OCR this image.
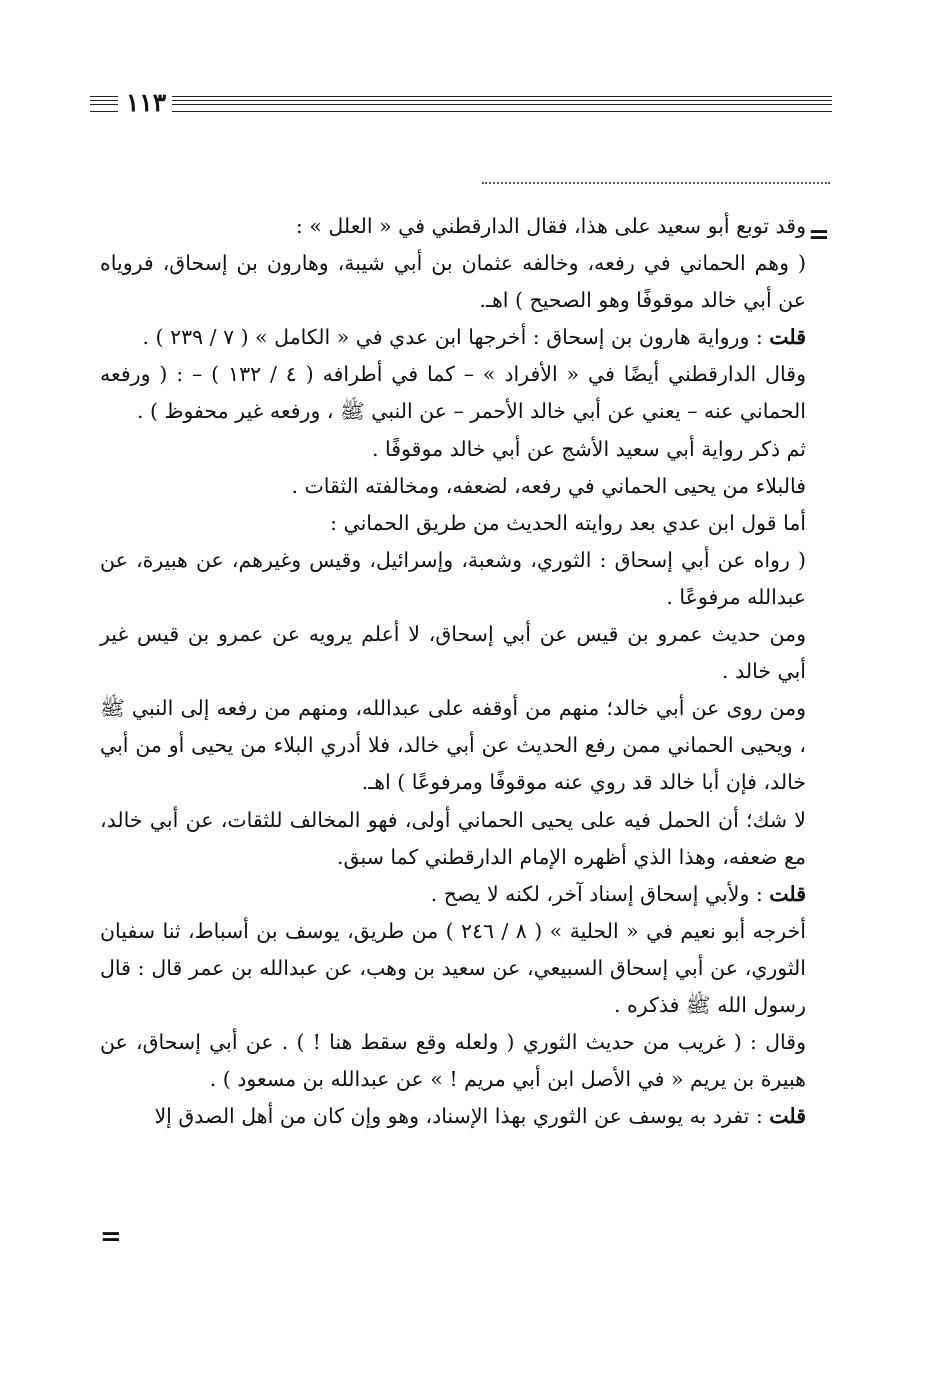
١١٣
=

وقد توبع أبو سعيد على هذا، فقال الدارقطني في « العلل » :

( وهم الحماني في رفعه، وخالفه عثمان بن أبي شيبة، وهارون بن إسحاق، فروياه عن أبي خالد موقوفًا وهو الصحيح ) اهـ.

قلت : ورواية هارون بن إسحاق : أخرجها ابن عدي في « الكامل » ( ٧ / ٢٣٩ ) .

وقال الدارقطني أيضًا في « الأفراد » – كما في أطرافه ( ٤ / ١٣٢ ) – : ( ورفعه الحماني عنه – يعني عن أبي خالد الأحمر – عن النبي ﷺ ، ورفعه غير محفوظ ) .

ثم ذكر رواية أبي سعيد الأشج عن أبي خالد موقوفًا .

فالبلاء من يحيى الحماني في رفعه، لضعفه، ومخالفته الثقات .

أما قول ابن عدي بعد روايته الحديث من طريق الحماني :

( رواه عن أبي إسحاق : الثوري، وشعبة، وإسرائيل، وقيس وغيرهم، عن هبيرة، عن عبدالله مرفوعًا .

ومن حديث عمرو بن قيس عن أبي إسحاق، لا أعلم يرويه عن عمرو بن قيس غير أبي خالد .

ومن روى عن أبي خالد؛ منهم من أوقفه على عبدالله، ومنهم من رفعه إلى النبي ﷺ ، ويحيى الحماني ممن رفع الحديث عن أبي خالد، فلا أدري البلاء من يحيى أو من أبي خالد، فإن أبا خالد قد روي عنه موقوفًا ومرفوعًا ) اهـ.

لا شك؛ أن الحمل فيه على يحيى الحماني أولى، فهو المخالف للثقات، عن أبي خالد، مع ضعفه، وهذا الذي أظهره الإمام الدارقطني كما سبق.

قلت : ولأبي إسحاق إسناد آخر، لكنه لا يصح .

أخرجه أبو نعيم في « الحلية » ( ٨ / ٢٤٦ ) من طريق، يوسف بن أسباط، ثنا سفيان الثوري، عن أبي إسحاق السبيعي، عن سعيد بن وهب، عن عبدالله بن عمر قال : قال رسول الله ﷺ فذكره .

وقال : ( غريب من حديث الثوري ( ولعله وقع سقط هنا ! ) . عن أبي إسحاق، عن هبيرة بن يريم « في الأصل ابن أبي مريم ! » عن عبدالله بن مسعود ) .

قلت : تفرد به يوسف عن الثوري بهذا الإسناد، وهو وإن كان من أهل الصدق إلا

=
